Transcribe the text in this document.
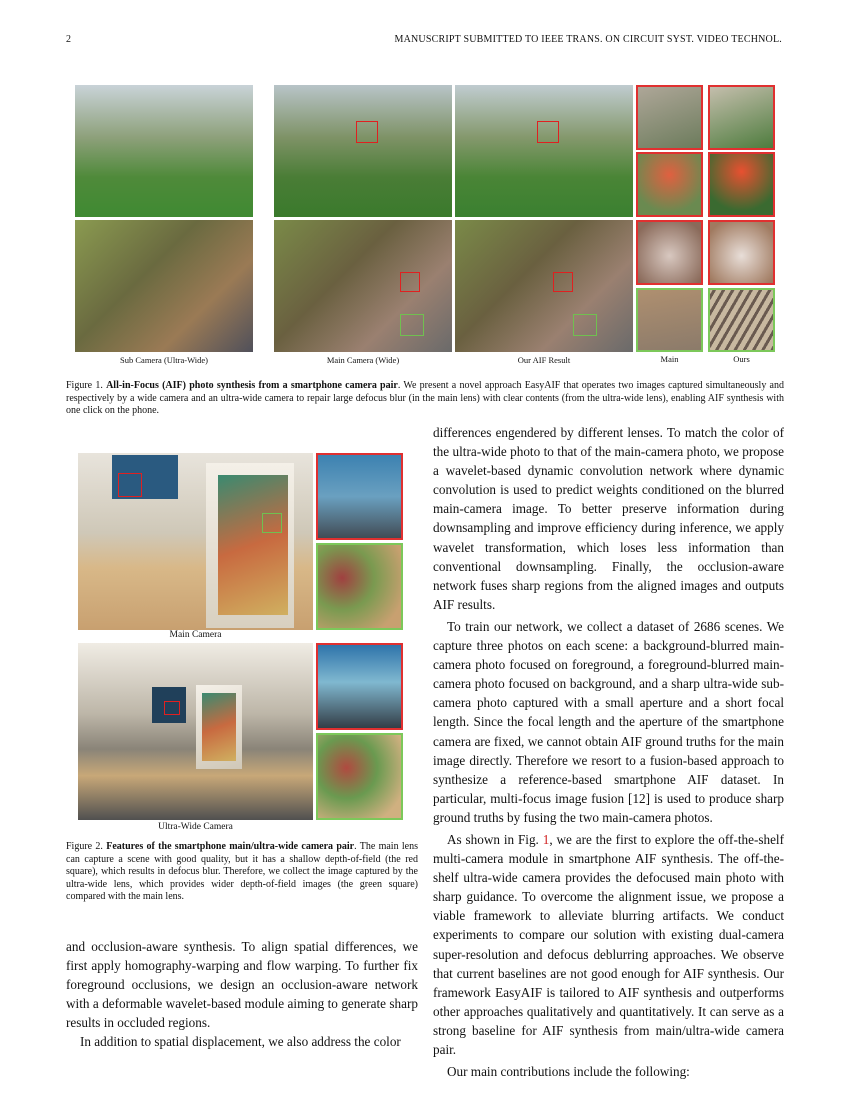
2	MANUSCRIPT SUBMITTED TO IEEE TRANS. ON CIRCUIT SYST. VIDEO TECHNOL.
Sub Camera (Ultra-Wide)	Main Camera (Wide)	Our AIF Result	Main	Ours
Figure 1. All-in-Focus (AIF) photo synthesis from a smartphone camera pair. We present a novel approach EasyAIF that operates two images captured simultaneously and respectively by a wide camera and an ultra-wide camera to repair large defocus blur (in the main lens) with clear contents (from the ultra-wide lens), enabling AIF synthesis with one click on the phone.
Main Camera
Ultra-Wide Camera
Figure 2. Features of the smartphone main/ultra-wide camera pair. The main lens can capture a scene with good quality, but it has a shallow depth-of-field (the red square), which results in defocus blur. Therefore, we collect the image captured by the ultra-wide lens, which provides wider depth-of-field images (the green square) compared with the main lens.

and occlusion-aware synthesis. To align spatial differences, we first apply homography-warping and flow warping. To further fix foreground occlusions, we design an occlusion-aware network with a deformable wavelet-based module aiming to generate sharp results in occluded regions.

In addition to spatial displacement, we also address the color

differences engendered by different lenses. To match the color of the ultra-wide photo to that of the main-camera photo, we propose a wavelet-based dynamic convolution network where dynamic convolution is used to predict weights conditioned on the blurred main-camera image. To better preserve information during downsampling and improve efficiency during inference, we apply wavelet transformation, which loses less information than conventional downsampling. Finally, the occlusion-aware network fuses sharp regions from the aligned images and outputs AIF results.

To train our network, we collect a dataset of 2686 scenes. We capture three photos on each scene: a background-blurred main-camera photo focused on foreground, a foreground-blurred main-camera photo focused on background, and a sharp ultra-wide sub-camera photo captured with a small aperture and a short focal length. Since the focal length and the aperture of the smartphone camera are fixed, we cannot obtain AIF ground truths for the main image directly. Therefore we resort to a fusion-based approach to synthesize a reference-based smartphone AIF dataset. In particular, multi-focus image fusion [12] is used to produce sharp ground truths by fusing the two main-camera photos.

As shown in Fig. 1, we are the first to explore the off-the-shelf multi-camera module in smartphone AIF synthesis. The off-the-shelf ultra-wide camera provides the defocused main photo with sharp guidance. To overcome the alignment issue, we propose a viable framework to alleviate blurring artifacts. We conduct experiments to compare our solution with existing dual-camera super-resolution and defocus deblurring approaches. We observe that current baselines are not good enough for AIF synthesis. Our framework EasyAIF is tailored to AIF synthesis and outperforms other approaches qualitatively and quantitatively. It can serve as a strong baseline for AIF synthesis from main/ultra-wide camera pair.

Our main contributions include the following:
